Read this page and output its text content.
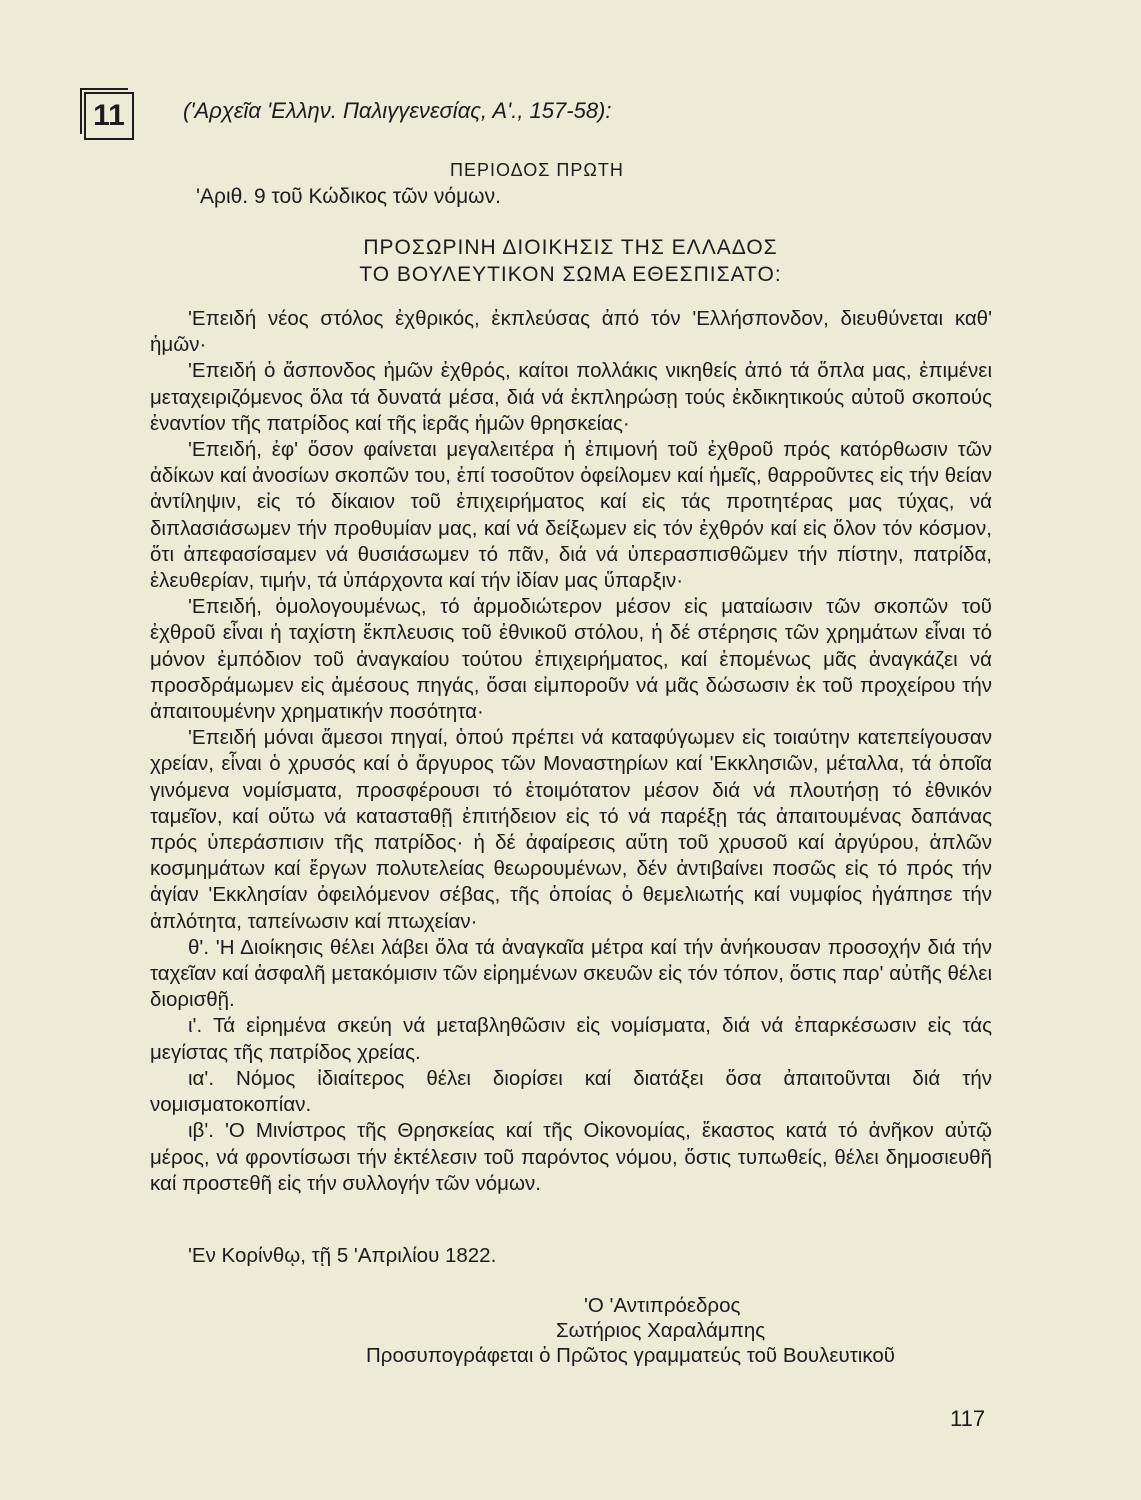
11	('Αρχεῖα 'Ελλην. Παλιγγενεσίας, Α'., 157-58):
ΠΕΡΙΟΔΟΣ ΠΡΩΤΗ
'Αριθ. 9 τοῦ Κώδικος τῶν νόμων.
ΠΡΟΣΩΡΙΝΗ ΔΙΟΙΚΗΣΙΣ ΤΗΣ ΕΛΛΑΔΟΣ
ΤΟ ΒΟΥΛΕΥΤΙΚΟΝ ΣΩΜΑ ΕΘΕΣΠΙΣΑΤΟ:

'Επειδή νέος στόλος ἐχθρικός, ἐκπλεύσας ἀπό τόν 'Ελλήσπονδον, διευθύνεται καθ' ἡμῶν·

'Επειδή ὁ ἄσπονδος ἡμῶν ἐχθρός, καίτοι πολλάκις νικηθείς ἀπό τά ὅπλα μας, ἐπιμένει μεταχειριζόμενος ὅλα τά δυνατά μέσα, διά νά ἐκπληρώσῃ τούς ἐκδικητικούς αὐτοῦ σκοπούς ἐναντίον τῆς πατρίδος καί τῆς ἱερᾶς ἡμῶν θρησκείας·

'Επειδή, ἐφ' ὅσον φαίνεται μεγαλειτέρα ἡ ἐπιμονή τοῦ ἐχθροῦ πρός κατόρθωσιν τῶν ἀδίκων καί ἀνοσίων σκοπῶν του, ἐπί τοσοῦτον ὀφείλομεν καί ἡμεῖς, θαρροῦντες εἰς τήν θείαν ἀντίληψιν, εἰς τό δίκαιον τοῦ ἐπιχειρήματος καί εἰς τάς προτητέρας μας τύχας, νά διπλασιάσωμεν τήν προθυμίαν μας, καί νά δείξωμεν εἰς τόν ἐχθρόν καί εἰς ὅλον τόν κόσμον, ὅτι ἀπεφασίσαμεν νά θυσιάσωμεν τό πᾶν, διά νά ὑπερασπισθῶμεν τήν πίστην, πατρίδα, ἐλευθερίαν, τιμήν, τά ὑπάρχοντα καί τήν ἰδίαν μας ὕπαρξιν·

'Επειδή, ὁμολογουμένως, τό ἁρμοδιώτερον μέσον εἰς ματαίωσιν τῶν σκοπῶν τοῦ ἐχθροῦ εἶναι ἡ ταχίστη ἔκπλευσις τοῦ ἐθνικοῦ στόλου, ἡ δέ στέρησις τῶν χρημάτων εἶναι τό μόνον ἐμπόδιον τοῦ ἀναγκαίου τούτου ἐπιχειρήματος, καί ἑπομένως μᾶς ἀναγκάζει νά προσδράμωμεν εἰς ἀμέσους πηγάς, ὅσαι εἰμποροῦν νά μᾶς δώσωσιν ἐκ τοῦ προχείρου τήν ἀπαιτουμένην χρηματικήν ποσότητα·

'Επειδή μόναι ἄμεσοι πηγαί, ὁπού πρέπει νά καταφύγωμεν εἰς τοιαύτην κατεπείγουσαν χρείαν, εἶναι ὁ χρυσός καί ὁ ἄργυρος τῶν Μοναστηρίων καί 'Εκκλησιῶν, μέταλλα, τά ὁποῖα γινόμενα νομίσματα, προσφέρουσι τό ἑτοιμότατον μέσον διά νά πλουτήσῃ τό ἐθνικόν ταμεῖον, καί οὕτω νά κατασταθῇ ἐπιτήδειον εἰς τό νά παρέξῃ τάς ἀπαιτουμένας δαπάνας πρός ὑπεράσπισιν τῆς πατρίδος· ἡ δέ ἀφαίρεσις αὕτη τοῦ χρυσοῦ καί ἀργύρου, ἁπλῶν κοσμημάτων καί ἔργων πολυτελείας θεωρουμένων, δέν ἀντιβαίνει ποσῶς εἰς τό πρός τήν ἁγίαν 'Εκκλησίαν ὀφειλόμενον σέβας, τῆς ὁποίας ὁ θεμελιωτής καί νυμφίος ἠγάπησε τήν ἁπλότητα, ταπείνωσιν καί πτωχείαν·

θ'. 'Η Διοίκησις θέλει λάβει ὅλα τά ἀναγκαῖα μέτρα καί τήν ἀνήκουσαν προσοχήν διά τήν ταχεῖαν καί ἀσφαλῆ μετακόμισιν τῶν εἰρημένων σκευῶν εἰς τόν τόπον, ὅστις παρ' αὐτῆς θέλει διορισθῇ.

ι'. Τά εἰρημένα σκεύη νά μεταβληθῶσιν εἰς νομίσματα, διά νά ἐπαρκέσωσιν εἰς τάς μεγίστας τῆς πατρίδος χρείας.

ια'. Νόμος ἰδιαίτερος θέλει διορίσει καί διατάξει ὅσα ἀπαιτοῦνται διά τήν νομισματοκοπίαν.

ιβ'. 'Ο Μινίστρος τῆς Θρησκείας καί τῆς Οἰκονομίας, ἕκαστος κατά τό ἀνῆκον αὐτῷ μέρος, νά φροντίσωσι τήν ἐκτέλεσιν τοῦ παρόντος νόμου, ὅστις τυπωθείς, θέλει δημοσιευθῆ καί προστεθῆ εἰς τήν συλλογήν τῶν νόμων.

'Εν Κορίνθῳ, τῇ 5 'Απριλίου 1822.
'Ο 'Αντιπρόεδρος
Σωτήριος Χαραλάμπης
Προσυπογράφεται ὁ Πρῶτος γραμματεύς τοῦ Βουλευτικοῦ
117
